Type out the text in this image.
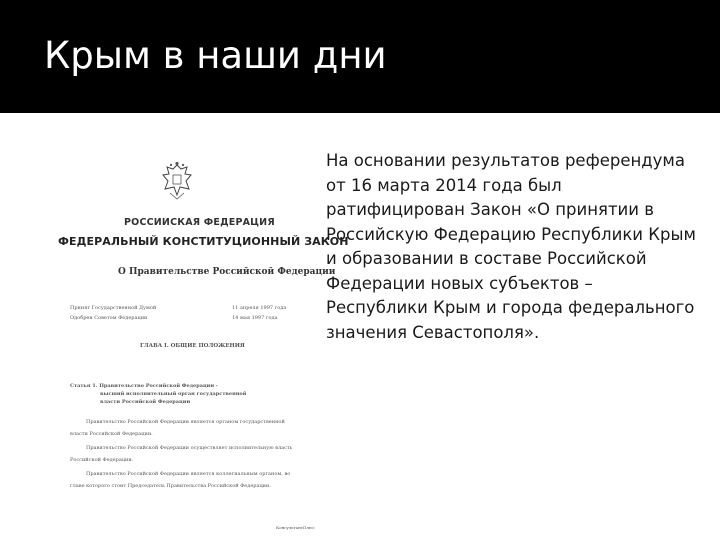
Крым в наши дни
РОССИЙСКАЯ ФЕДЕРАЦИЯ
ФЕДЕРАЛЬНЫЙ КОНСТИТУЦИОННЫЙ ЗАКОН
О Правительстве Российской Федерации
Принят Государственной Думой
Одобрен Советом Федерации
11 апреля 1997 года
14 мая 1997 года
ГЛАВА I. ОБЩИЕ ПОЛОЖЕНИЯ
Статья 1. Правительство Российской Федерации -
высший исполнительный орган государственной
власти Российской Федерации
Правительство Российской Федерации является органом государственной
власти Российской Федерации.
Правительство Российской Федерации осуществляет исполнительную власть
Российской Федерации.
Правительство Российской Федерации является коллегиальным органом, во
главе которого стоит Председатель Правительства Российской Федерации.
КонсультантПлюс
На основании результатов референдума от 16 марта 2014 года был ратифицирован Закон «О принятии в Российскую Федерацию Республики Крым и образовании в составе Российской Федерации новых субъектов – Республики Крым и города федерального значения Севастополя».
